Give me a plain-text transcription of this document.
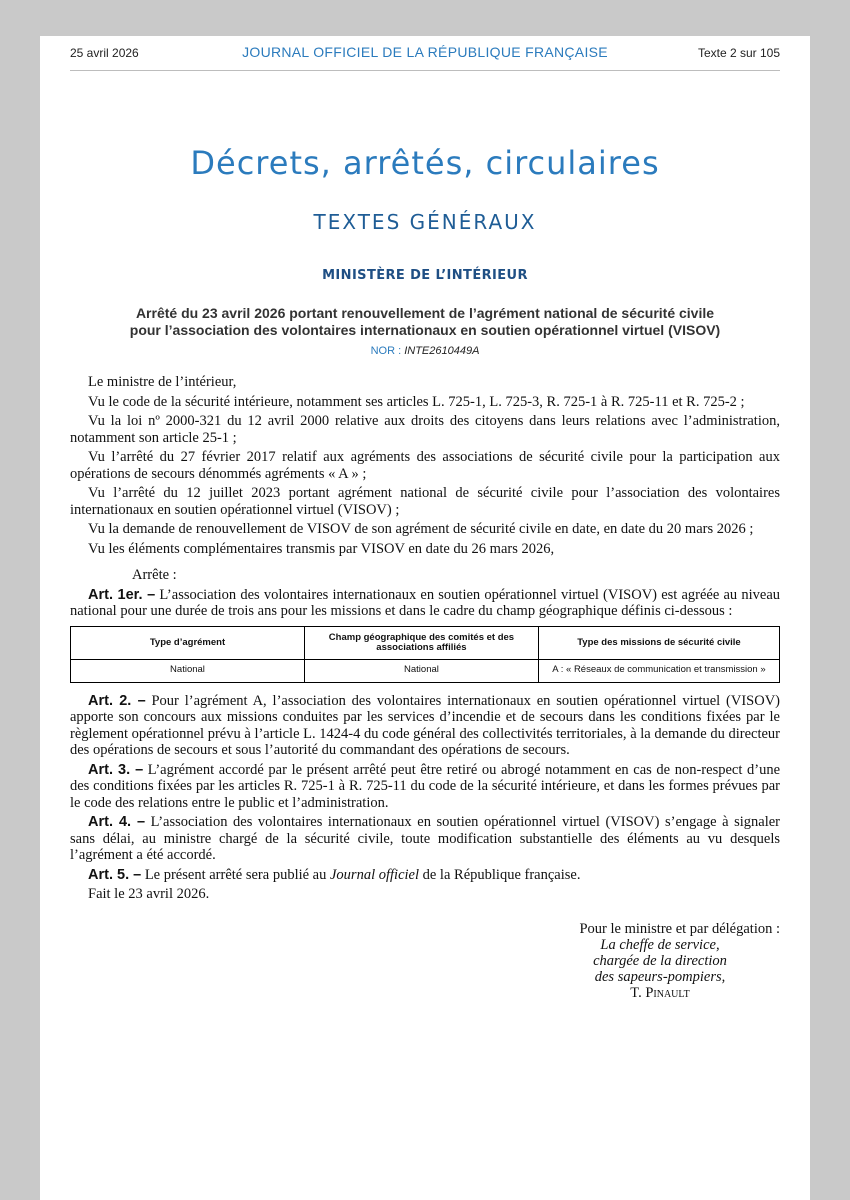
25 avril 2026	JOURNAL OFFICIEL DE LA RÉPUBLIQUE FRANÇAISE	Texte 2 sur 105
Décrets, arrêtés, circulaires
TEXTES GÉNÉRAUX
MINISTÈRE DE L’INTÉRIEUR
Arrêté du 23 avril 2026 portant renouvellement de l’agrément national de sécurité civile
pour l’association des volontaires internationaux en soutien opérationnel virtuel (VISOV)
NOR : INTE2610449A

Le ministre de l’intérieur,

Vu le code de la sécurité intérieure, notamment ses articles L. 725-1, L. 725-3, R. 725-1 à R. 725-11 et R. 725-2 ;

Vu la loi nº 2000-321 du 12 avril 2000 relative aux droits des citoyens dans leurs relations avec l’administration, notamment son article 25-1 ;

Vu l’arrêté du 27 février 2017 relatif aux agréments des associations de sécurité civile pour la participation aux opérations de secours dénommés agréments « A » ;

Vu l’arrêté du 12 juillet 2023 portant agrément national de sécurité civile pour l’association des volontaires internationaux en soutien opérationnel virtuel (VISOV) ;

Vu la demande de renouvellement de VISOV de son agrément de sécurité civile en date, en date du 20 mars 2026 ;

Vu les éléments complémentaires transmis par VISOV en date du 26 mars 2026,

Arrête :

Art. 1er. – L’association des volontaires internationaux en soutien opérationnel virtuel (VISOV) est agréée au niveau national pour une durée de trois ans pour les missions et dans le cadre du champ géographique définis ci-dessous :

Type d’agrément	Champ géographique des comités et des associations affiliés	Type des missions de sécurité civile
National	National	A : « Réseaux de communication et transmission »

Art. 2. – Pour l’agrément A, l’association des volontaires internationaux en soutien opérationnel virtuel (VISOV) apporte son concours aux missions conduites par les services d’incendie et de secours dans les conditions fixées par le règlement opérationnel prévu à l’article L. 1424-4 du code général des collectivités territoriales, à la demande du directeur des opérations de secours et sous l’autorité du commandant des opérations de secours.

Art. 3. – L’agrément accordé par le présent arrêté peut être retiré ou abrogé notamment en cas de non-respect d’une des conditions fixées par les articles R. 725-1 à R. 725-11 du code de la sécurité intérieure, et dans les formes prévues par le code des relations entre le public et l’administration.

Art. 4. – L’association des volontaires internationaux en soutien opérationnel virtuel (VISOV) s’engage à signaler sans délai, au ministre chargé de la sécurité civile, toute modification substantielle des éléments au vu desquels l’agrément a été accordé.

Art. 5. – Le présent arrêté sera publié au Journal officiel de la République française.

Fait le 23 avril 2026.

Pour le ministre et par délégation :
La cheffe de service,
chargée de la direction
des sapeurs-pompiers,
T. Pinault
